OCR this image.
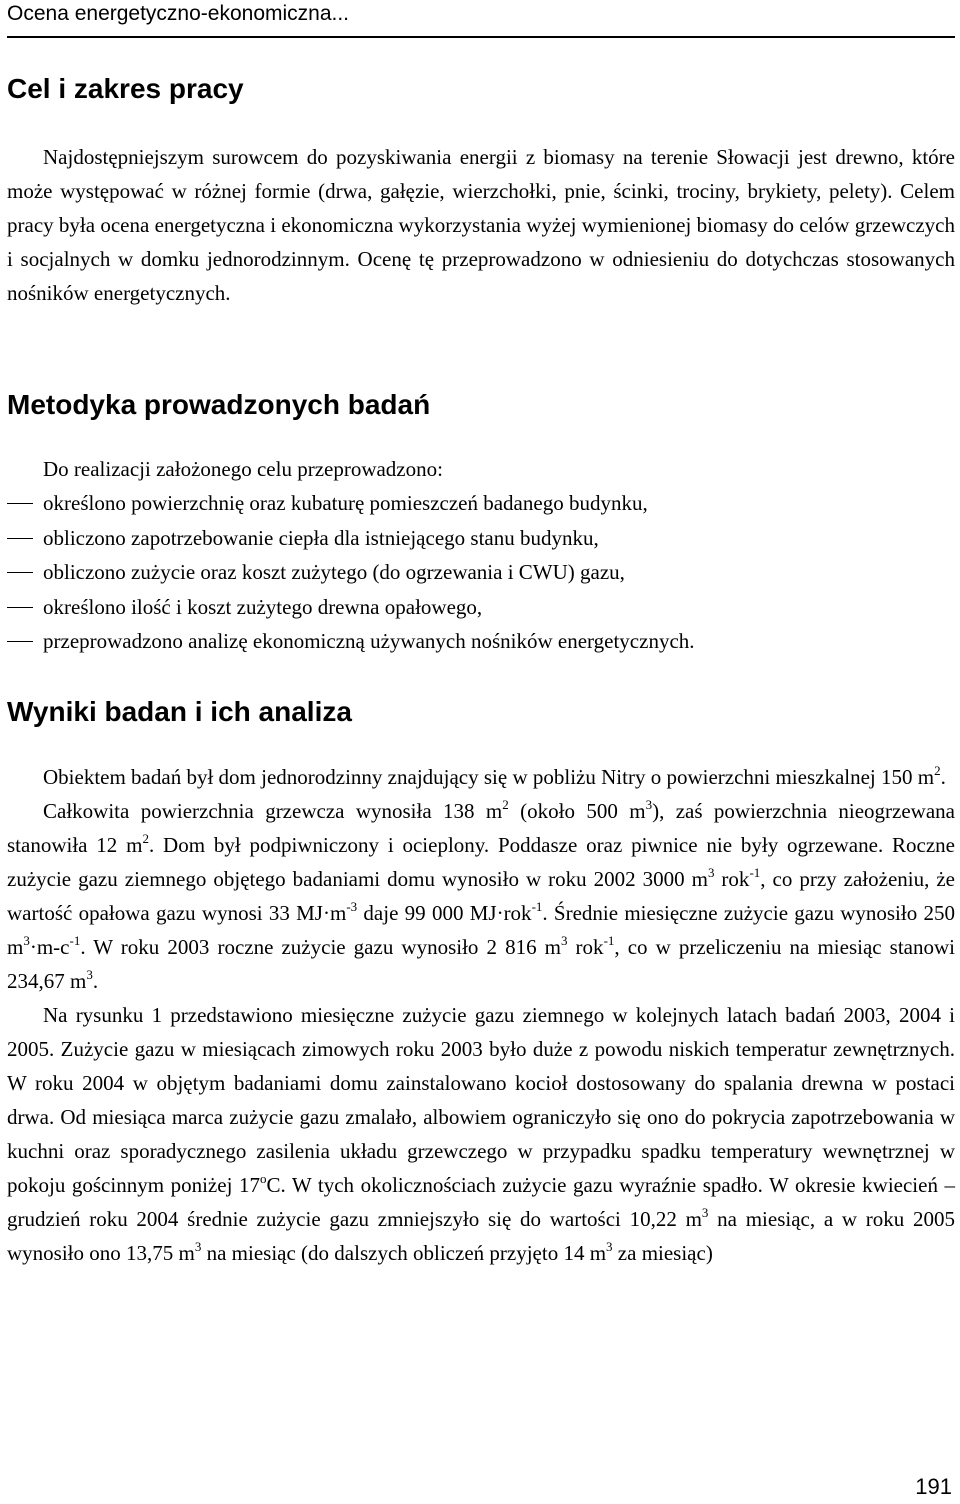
Ocena energetyczno-ekonomiczna...
Cel i zakres pracy

Najdostępniejszym surowcem do pozyskiwania energii z biomasy na terenie Słowacji jest drewno, które może występować w różnej formie (drwa, gałęzie, wierzchołki, pnie, ścinki, trociny, brykiety, pelety). Celem pracy była ocena energetyczna i ekonomiczna wykorzystania wyżej wymienionej biomasy do celów grzewczych i socjalnych w domku jednorodzinnym. Ocenę tę przeprowadzono w odniesieniu do dotychczas stosowanych nośników energetycznych.

Metodyka prowadzonych badań
Do realizacji założonego celu przeprowadzono:
określono powierzchnię oraz kubaturę pomieszczeń badanego budynku,
obliczono zapotrzebowanie ciepła dla istniejącego stanu budynku,
obliczono zużycie oraz koszt zużytego (do ogrzewania i CWU) gazu,
określono ilość i koszt zużytego drewna opałowego,
przeprowadzono analizę ekonomiczną używanych nośników energetycznych.
Wyniki badan i ich analiza

Obiektem badań był dom jednorodzinny znajdujący się w pobliżu Nitry o powierzchni mieszkalnej 150 $m^2$.

Całkowita powierzchnia grzewcza wynosiła 138 $m^2$ (około 500 $m^3$), zaś powierzchnia nieogrzewana stanowiła 12 $m^2$. Dom był podpiwniczony i ocieplony. Poddasze oraz piwnice nie były ogrzewane. Roczne zużycie gazu ziemnego objętego badaniami domu wynosiło w roku 2002 3000 $m^3$ rok$^{-1}$, co przy założeniu, że wartość opałowa gazu wynosi 33 $MJ\cdot m^{-3}$ daje 99 000 MJ·rok$^{-1}$. Średnie miesięczne zużycie gazu wynosiło 250 $m^3\cdot m-c^{-1}$. W roku 2003 roczne zużycie gazu wynosiło 2 816 $m^3$ rok$^{-1}$, co w przeliczeniu na miesiąc stanowi 234,67 $m^3$.

Na rysunku 1 przedstawiono miesięczne zużycie gazu ziemnego w kolejnych latach badań 2003, 2004 i 2005. Zużycie gazu w miesiącach zimowych roku 2003 było duże z powodu niskich temperatur zewnętrznych. W roku 2004 w objętym badaniami domu zainstalowano kocioł dostosowany do spalania drewna w postaci drwa. Od miesiąca marca zużycie gazu zmalało, albowiem ograniczyło się ono do pokrycia zapotrzebowania w kuchni oraz sporadycznego zasilenia układu grzewczego w przypadku spadku temperatury wewnętrznej w pokoju gościnnym poniżej 17$^o$C. W tych okolicznościach zużycie gazu wyraźnie spadło. W okresie kwiecień – grudzień roku 2004 średnie zużycie gazu zmniejszyło się do wartości 10,22 $m^3$ na miesiąc, a w roku 2005 wynosiło ono 13,75 $m^3$ na miesiąc (do dalszych obliczeń przyjęto 14 $m^3$ za miesiąc)

191
